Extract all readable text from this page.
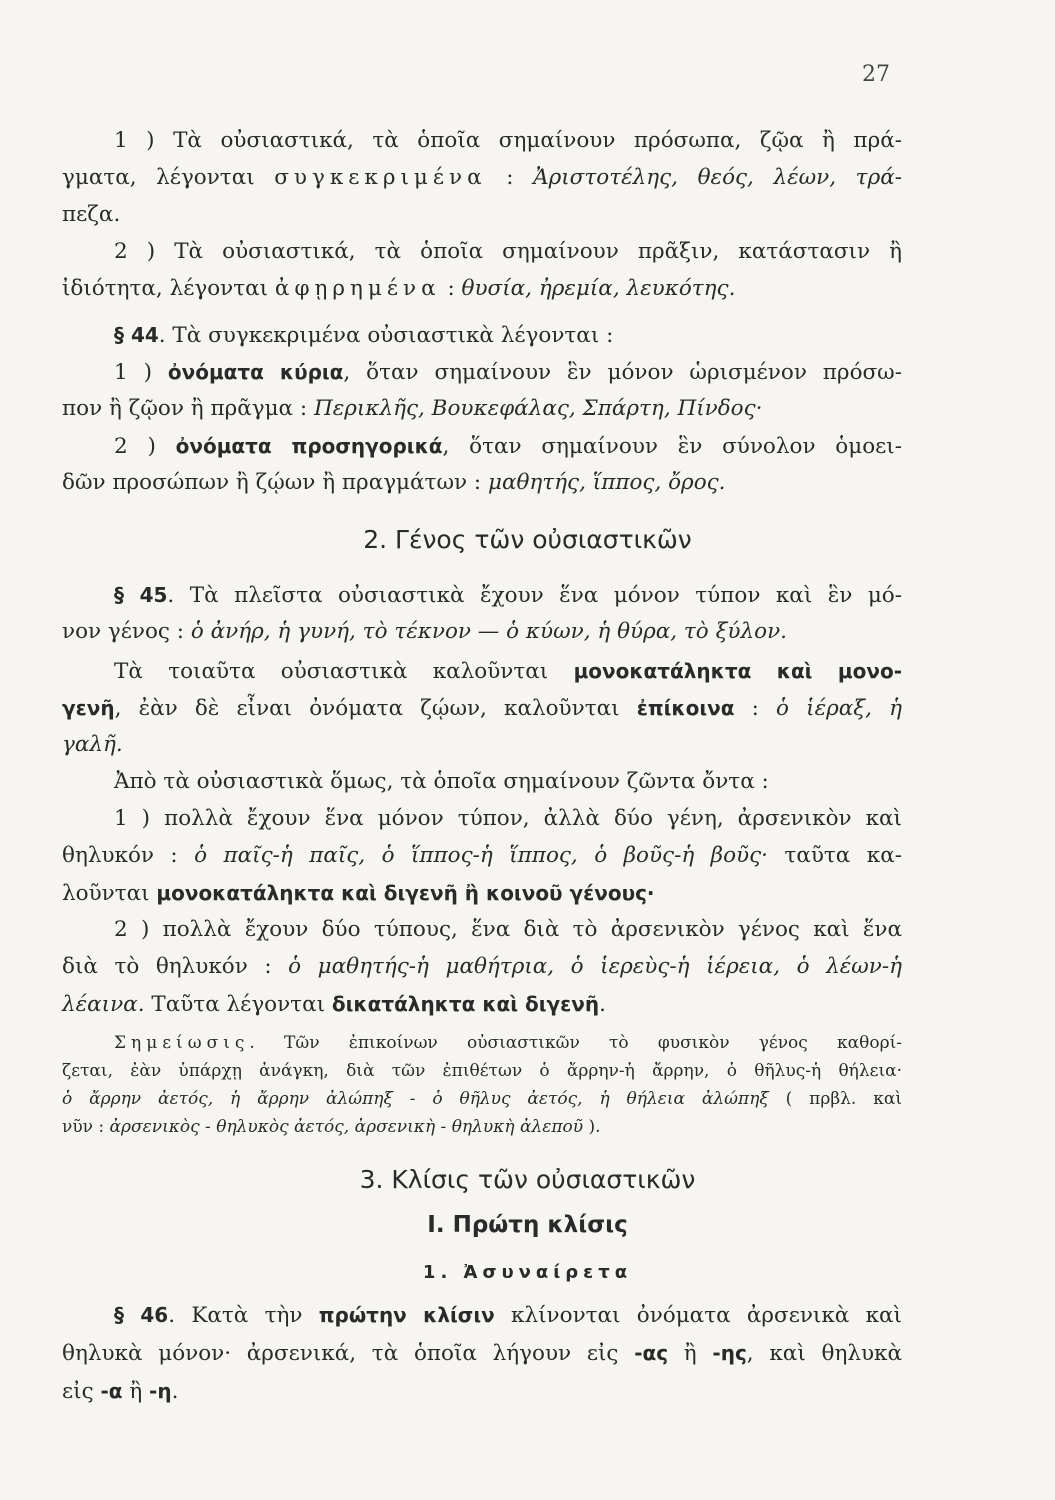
27
1 ) Τὰ οὐσιαστικά, τὰ ὁποῖα σημαίνουν πρόσωπα, ζῷα ἢ πρά-
γματα, λέγονται συγκεκριμένα : Ἀριστοτέλης, θεός, λέων, τρά-
πεζα.
2 ) Τὰ οὐσιαστικά, τὰ ὁποῖα σημαίνουν πρᾶξιν, κατάστασιν ἢ
ἰδιότητα, λέγονται ἀφῃρημένα : θυσία, ἠρεμία, λευκότης.
§ 44. Τὰ συγκεκριμένα οὐσιαστικὰ λέγονται :
1 ) ὀνόματα κύρια, ὅταν σημαίνουν ἓν μόνον ὡρισμένον πρόσω-
πον ἢ ζῷον ἢ πρᾶγμα : Περικλῆς, Βουκεφάλας, Σπάρτη, Πίνδος·
2 ) ὀνόματα προσηγορικά, ὅταν σημαίνουν ἓν σύνολον ὁμοει-
δῶν προσώπων ἢ ζῴων ἢ πραγμάτων : μαθητής, ἵππος, ὄρος.
2. Γένος τῶν οὐσιαστικῶν
§ 45. Τὰ πλεῖστα οὐσιαστικὰ ἔχουν ἕνα μόνον τύπον καὶ ἓν μό-
νον γένος : ὁ ἀνήρ, ἡ γυνή, τὸ τέκνον — ὁ κύων, ἡ θύρα, τὸ ξύλον.
Τὰ τοιαῦτα οὐσιαστικὰ καλοῦνται μονοκατάληκτα καὶ μονο-
γενῆ, ἐὰν δὲ εἶναι ὀνόματα ζῴων, καλοῦνται ἐπίκοινα : ὁ ἱέραξ, ἡ
γαλῆ.
Ἀπὸ τὰ οὐσιαστικὰ ὅμως, τὰ ὁποῖα σημαίνουν ζῶντα ὄντα :
1 ) πολλὰ ἔχουν ἕνα μόνον τύπον, ἀλλὰ δύο γένη, ἀρσενικὸν καὶ
θηλυκόν : ὁ παῖς-ἡ παῖς, ὁ ἵππος-ἡ ἵππος, ὁ βοῦς-ἡ βοῦς· ταῦτα κα-
λοῦνται μονοκατάληκτα καὶ διγενῆ ἢ κοινοῦ γένους·
2 ) πολλὰ ἔχουν δύο τύπους, ἕνα διὰ τὸ ἀρσενικὸν γένος καὶ ἕνα
διὰ τὸ θηλυκόν : ὁ μαθητής-ἡ μαθήτρια, ὁ ἱερεὺς-ἡ ἱέρεια, ὁ λέων-ἡ
λέαινα. Ταῦτα λέγονται δικατάληκτα καὶ διγενῆ.
Σημείωσις. Τῶν ἐπικοίνων οὐσιαστικῶν τὸ φυσικὸν γένος καθορί-
ζεται, ἐὰν ὑπάρχῃ ἀνάγκη, διὰ τῶν ἐπιθέτων ὁ ἄρρην-ἡ ἄρρην, ὁ θῆλυς-ἡ θήλεια·
ὁ ἄρρην ἀετός, ἡ ἄρρην ἀλώπηξ - ὁ θῆλυς ἀετός, ἡ θήλεια ἀλώπηξ ( πρβλ. καὶ
νῦν : ἀρσενικὸς - θηλυκὸς ἀετός, ἀρσενικὴ - θηλυκὴ ἀλεποῦ ).
3. Κλίσις τῶν οὐσιαστικῶν
I. Πρώτη κλίσις
1. Ἀσυναίρετα
§ 46. Κατὰ τὴν πρώτην κλίσιν κλίνονται ὀνόματα ἀρσενικὰ καὶ
θηλυκὰ μόνον· ἀρσενικά, τὰ ὁποῖα λήγουν εἰς -ας ἢ -ης, καὶ θηλυκὰ
εἰς -α ἢ -η.
